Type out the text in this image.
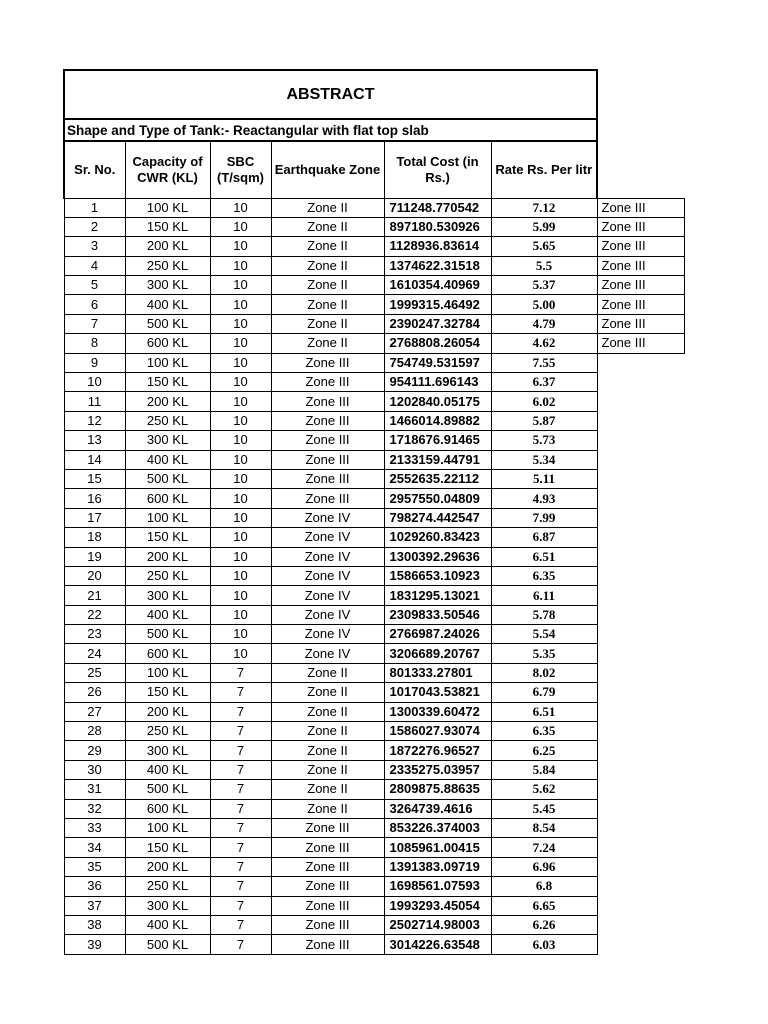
ABSTRACT						
Shape and Type of Tank:- Reactangular with flat top slab						
Sr. No.	Capacity of CWR (KL)	SBC (T/sqm)	Earthquake Zone	Total Cost (in Rs.)	Rate Rs. Per litr	
1	100 KL	10	Zone II	711248.770542	7.12	Zone III
2	150 KL	10	Zone II	897180.530926	5.99	Zone III
3	200 KL	10	Zone II	1128936.83614	5.65	Zone III
4	250 KL	10	Zone II	1374622.31518	5.5	Zone III
5	300 KL	10	Zone II	1610354.40969	5.37	Zone III
6	400 KL	10	Zone II	1999315.46492	5.00	Zone III
7	500 KL	10	Zone II	2390247.32784	4.79	Zone III
8	600 KL	10	Zone II	2768808.26054	4.62	Zone III
9	100 KL	10	Zone III	754749.531597	7.55	
10	150 KL	10	Zone III	954111.696143	6.37	
11	200 KL	10	Zone III	1202840.05175	6.02	
12	250 KL	10	Zone III	1466014.89882	5.87	
13	300 KL	10	Zone III	1718676.91465	5.73	
14	400 KL	10	Zone III	2133159.44791	5.34	
15	500 KL	10	Zone III	2552635.22112	5.11	
16	600 KL	10	Zone III	2957550.04809	4.93	
17	100 KL	10	Zone IV	798274.442547	7.99	
18	150 KL	10	Zone IV	1029260.83423	6.87	
19	200 KL	10	Zone IV	1300392.29636	6.51	
20	250 KL	10	Zone IV	1586653.10923	6.35	
21	300 KL	10	Zone IV	1831295.13021	6.11	
22	400 KL	10	Zone IV	2309833.50546	5.78	
23	500 KL	10	Zone IV	2766987.24026	5.54	
24	600 KL	10	Zone IV	3206689.20767	5.35	
25	100 KL	7	Zone II	801333.27801	8.02	
26	150 KL	7	Zone II	1017043.53821	6.79	
27	200 KL	7	Zone II	1300339.60472	6.51	
28	250 KL	7	Zone II	1586027.93074	6.35	
29	300 KL	7	Zone II	1872276.96527	6.25	
30	400 KL	7	Zone II	2335275.03957	5.84	
31	500 KL	7	Zone II	2809875.88635	5.62	
32	600 KL	7	Zone II	3264739.4616	5.45	
33	100 KL	7	Zone III	853226.374003	8.54	
34	150 KL	7	Zone III	1085961.00415	7.24	
35	200 KL	7	Zone III	1391383.09719	6.96	
36	250 KL	7	Zone III	1698561.07593	6.8	
37	300 KL	7	Zone III	1993293.45054	6.65	
38	400 KL	7	Zone III	2502714.98003	6.26	
39	500 KL	7	Zone III	3014226.63548	6.03	
